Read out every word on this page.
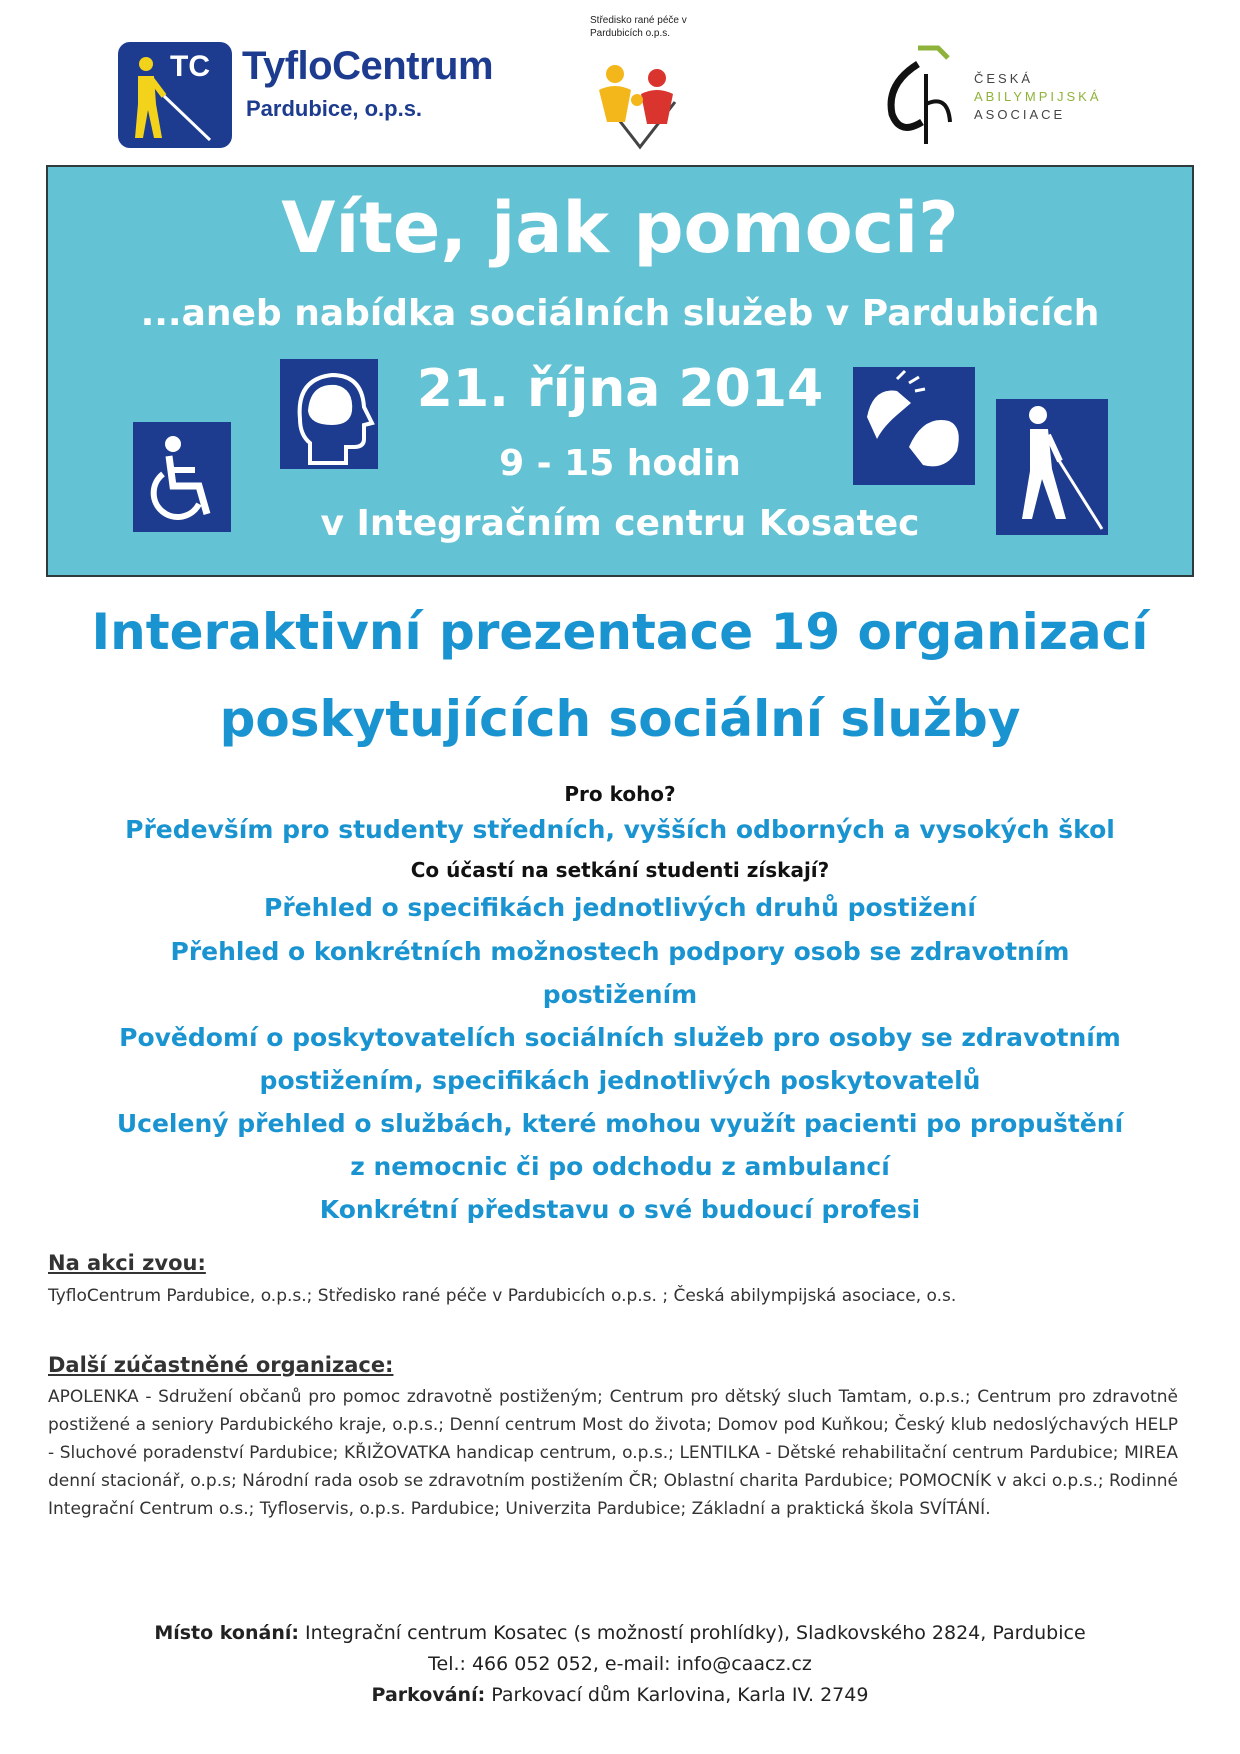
TC TyfloCentrum
Pardubice, o.p.s.
Středisko rané péče v Pardubicích o.p.s.
ČESKÁ
ABILYMPIJSKÁ
ASOCIACE
Víte, jak pomoci?
...aneb nabídka sociálních služeb v Pardubicích
21. října 2014
9 - 15 hodin
v Integračním centru Kosatec
Interaktivní prezentace 19 organizací
poskytujících sociální služby
Pro koho?
Především pro studenty středních, vyšších odborných a vysokých škol
Co účastí na setkání studenti získají?
Přehled o specifikách jednotlivých druhů postižení
Přehled o konkrétních možnostech podpory osob se zdravotním
postižením
Povědomí o poskytovatelích sociálních služeb pro osoby se zdravotním
postižením, specifikách jednotlivých poskytovatelů
Ucelený přehled o službách, které mohou využít pacienti po propuštění
z nemocnic či po odchodu z ambulancí
Konkrétní představu o své budoucí profesi
Na akci zvou:
TyfloCentrum Pardubice, o.p.s.; Středisko rané péče v Pardubicích o.p.s. ; Česká abilympijská asociace, o.s.
Další zúčastněné organizace:
APOLENKA - Sdružení občanů pro pomoc zdravotně postiženým; Centrum pro dětský sluch Tamtam, o.p.s.; Centrum pro zdravotně postižené a seniory Pardubického kraje, o.p.s.; Denní centrum Most do života; Domov pod Kuňkou; Český klub nedoslýchavých HELP - Sluchové poradenství Pardubice; KŘIŽOVATKA handicap centrum, o.p.s.; LENTILKA - Dětské rehabilitační centrum Pardubice; MIREA denní stacionář, o.p.s; Národní rada osob se zdravotním postižením ČR; Oblastní charita Pardubice; POMOCNÍK v akci o.p.s.; Rodinné Integrační Centrum o.s.; Tyfloservis, o.p.s. Pardubice; Univerzita Pardubice; Základní a praktická škola SVÍTÁNÍ.
Místo konání: Integrační centrum Kosatec (s možností prohlídky), Sladkovského 2824, Pardubice
Tel.: 466 052 052, e-mail: info@caacz.cz
Parkování: Parkovací dům Karlovina, Karla IV. 2749
